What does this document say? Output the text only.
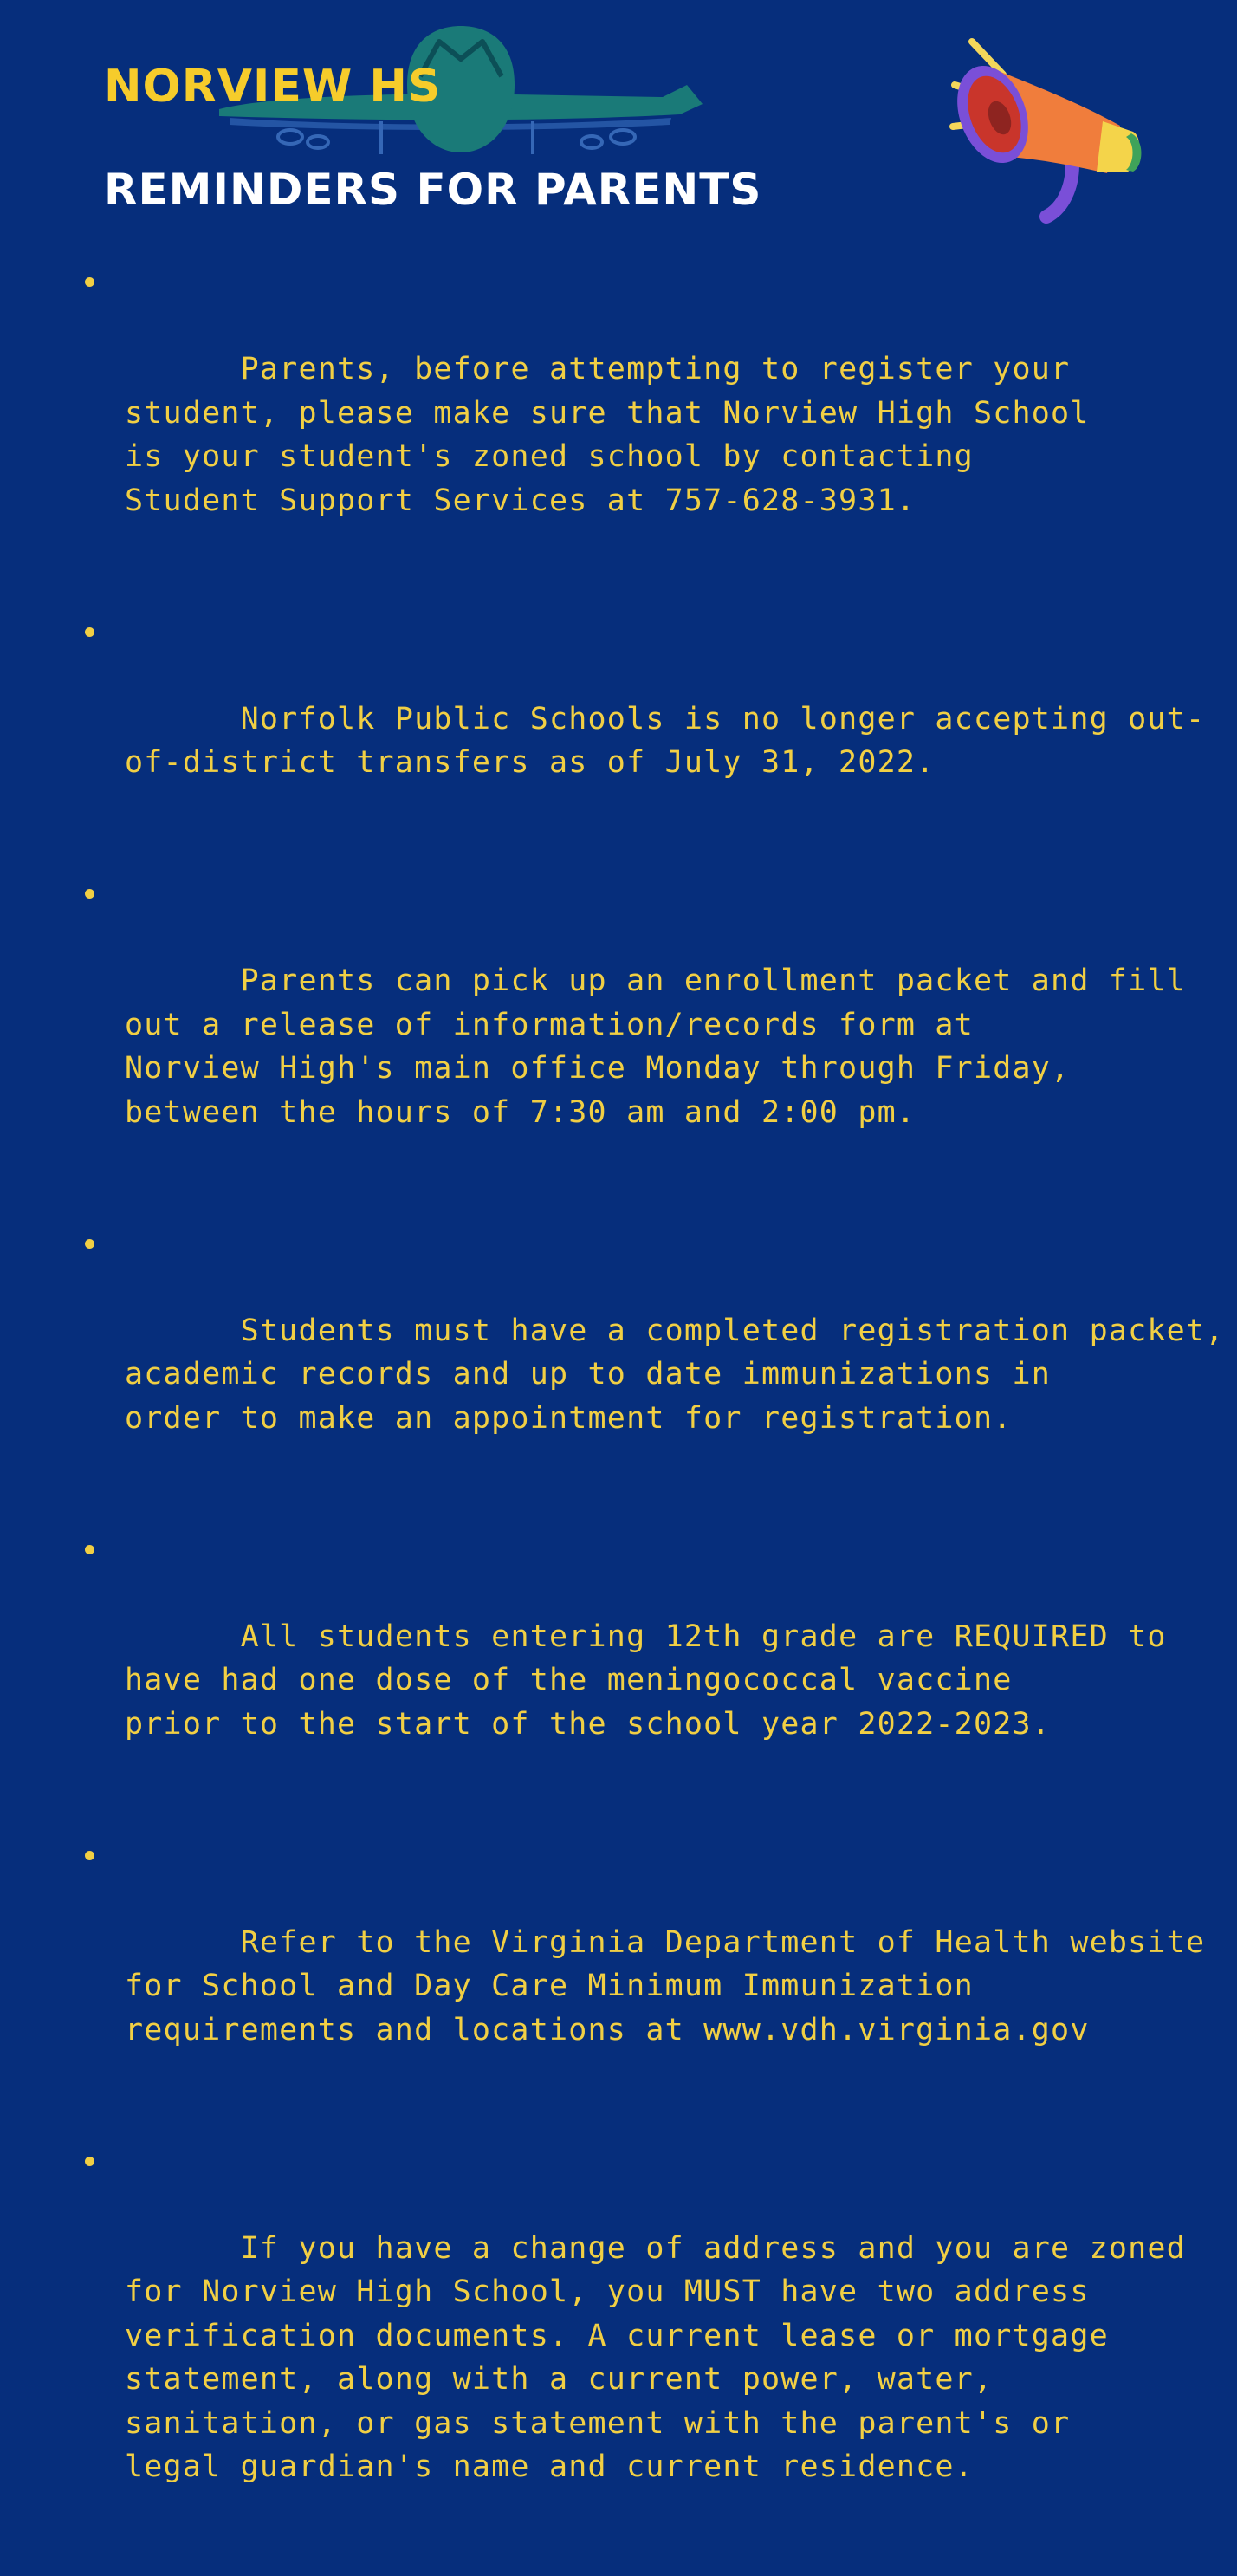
NORVIEW HS
REMINDERS FOR PARENTS

Parents, before attempting to register your
student, please make sure that Norview High School
is your student's zoned school by contacting
Student Support Services at 757-628-3931.

Norfolk Public Schools is no longer accepting out-
of-district transfers as of July 31, 2022.

Parents can pick up an enrollment packet and fill
out a release of information/records form at
Norview High's main office Monday through Friday,
between the hours of 7:30 am and 2:00 pm.

Students must have a completed registration packet,
academic records and up to date immunizations in
order to make an appointment for registration.

All students entering 12th grade are REQUIRED to
have had one dose of the meningococcal vaccine
prior to the start of the school year 2022-2023.

Refer to the Virginia Department of Health website
for School and Day Care Minimum Immunization
requirements and locations at www.vdh.virginia.gov

If you have a change of address and you are zoned
for Norview High School, you MUST have two address
verification documents. A current lease or mortgage
statement, along with a current power, water,
sanitation, or gas statement with the parent's or
legal guardian's name and current residence.
